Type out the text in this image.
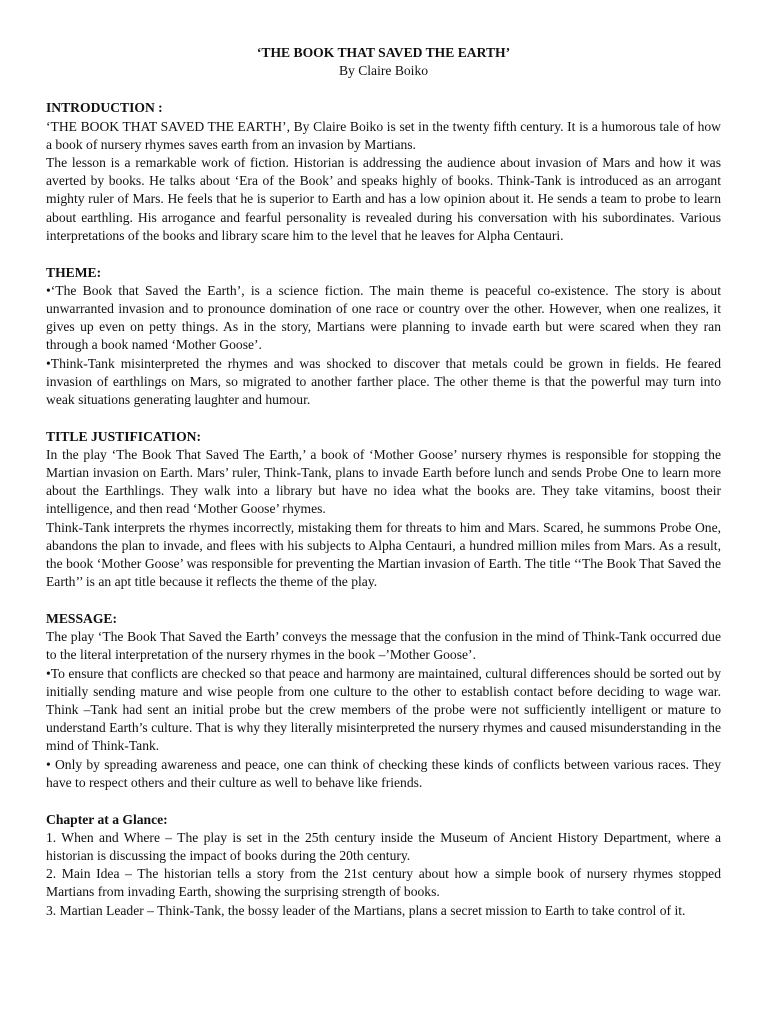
‘THE BOOK THAT SAVED THE EARTH’

By Claire Boiko

INTRODUCTION :

‘THE BOOK THAT SAVED THE EARTH’, By Claire Boiko is set in the twenty fifth century. It is a humorous tale of how a book of nursery rhymes saves earth from an invasion by Martians.

The lesson is a remarkable work of fiction. Historian is addressing the audience about invasion of Mars and how it was averted by books. He talks about ‘Era of the Book’ and speaks highly of books. Think-Tank is introduced as an arrogant mighty ruler of Mars. He feels that he is superior to Earth and has a low opinion about it. He sends a team to probe to learn about earthling. His arrogance and fearful personality is revealed during his conversation with his subordinates. Various interpretations of the books and library scare him to the level that he leaves for Alpha Centauri.

THEME:

•‘The Book that Saved the Earth’, is a science fiction. The main theme is peaceful co-existence. The story is about unwarranted invasion and to pronounce domination of one race or country over the other. However, when one realizes, it gives up even on petty things. As in the story, Martians were planning to invade earth but were scared when they ran through a book named ‘Mother Goose’.

•Think-Tank misinterpreted the rhymes and was shocked to discover that metals could be grown in fields. He feared invasion of earthlings on Mars, so migrated to another farther place. The other theme is that the powerful may turn into weak situations generating laughter and humour.

TITLE JUSTIFICATION:

In the play ‘The Book That Saved The Earth,’ a book of ‘Mother Goose’ nursery rhymes is responsible for stopping the Martian invasion on Earth. Mars’ ruler, Think-Tank, plans to invade Earth before lunch and sends Probe One to learn more about the Earthlings. They walk into a library but have no idea what the books are. They take vitamins, boost their intelligence, and then read ‘Mother Goose’ rhymes.

Think-Tank interprets the rhymes incorrectly, mistaking them for threats to him and Mars. Scared, he summons Probe One, abandons the plan to invade, and flees with his subjects to Alpha Centauri, a hundred million miles from Mars. As a result, the book ‘Mother Goose’ was responsible for preventing the Martian invasion of Earth. The title ‘‘The Book That Saved the Earth’’ is an apt title because it reflects the theme of the play.

MESSAGE:

The play ‘The Book That Saved the Earth’ conveys the message that the confusion in the mind of Think-Tank occurred due to the literal interpretation of the nursery rhymes in the book –’Mother Goose’.

•To ensure that conflicts are checked so that peace and harmony are maintained, cultural differences should be sorted out by initially sending mature and wise people from one culture to the other to establish contact before deciding to wage war. Think –Tank had sent an initial probe but the crew members of the probe were not sufficiently intelligent or mature to understand Earth’s culture. That is why they literally misinterpreted the nursery rhymes and caused misunderstanding in the mind of Think-Tank.

• Only by spreading awareness and peace, one can think of checking these kinds of conflicts between various races. They have to respect others and their culture as well to behave like friends.

Chapter at a Glance:

1. When and Where – The play is set in the 25th century inside the Museum of Ancient History Department, where a historian is discussing the impact of books during the 20th century.

2. Main Idea – The historian tells a story from the 21st century about how a simple book of nursery rhymes stopped Martians from invading Earth, showing the surprising strength of books.

3. Martian Leader – Think-Tank, the bossy leader of the Martians, plans a secret mission to Earth to take control of it.
